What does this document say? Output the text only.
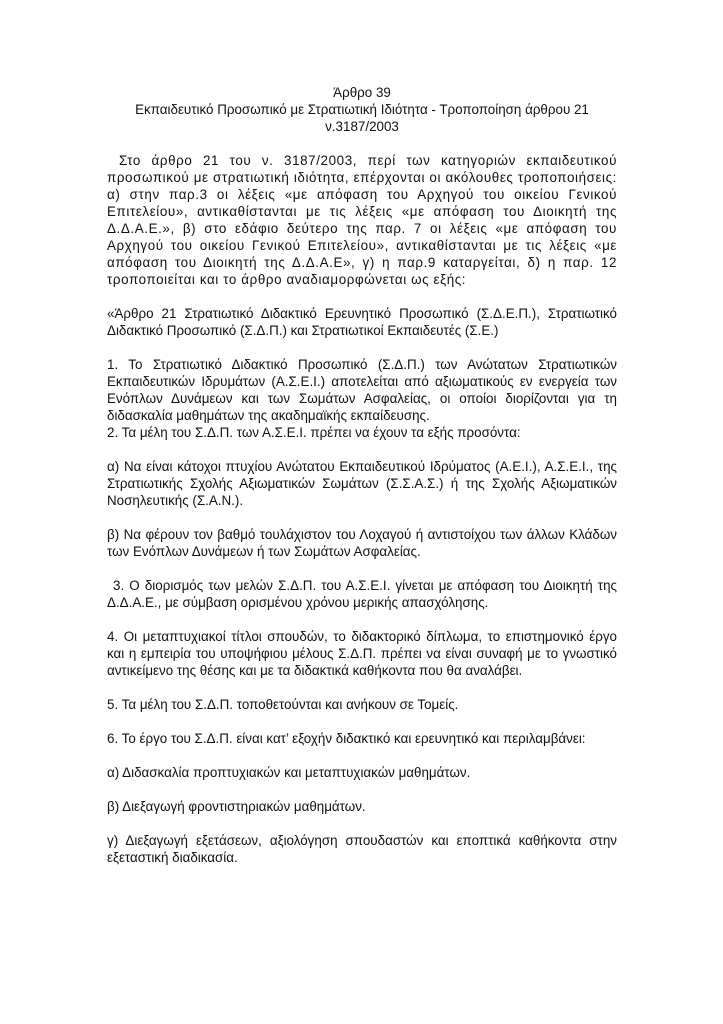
Άρθρο 39

Εκπαιδευτικό Προσωπικό με Στρατιωτική Ιδιότητα - Τροποποίηση άρθρου 21

ν.3187/2003

Στο άρθρο 21 του ν. 3187/2003, περί των κατηγοριών εκπαιδευτικού προσωπικού με στρατιωτική ιδιότητα, επέρχονται οι ακόλουθες τροποποιήσεις: α) στην παρ.3 οι λέξεις «με απόφαση του Αρχηγού του οικείου Γενικού Επιτελείου», αντικαθίστανται με τις λέξεις «με απόφαση του Διοικητή της Δ.Δ.Α.Ε.», β) στο εδάφιο δεύτερο της παρ. 7 οι λέξεις «με απόφαση του Αρχηγού του οικείου Γενικού Επιτελείου», αντικαθίστανται με τις λέξεις «με απόφαση του Διοικητή της Δ.Δ.Α.Ε», γ) η παρ.9 καταργείται, δ) η παρ. 12 τροποποιείται και το άρθρο αναδιαμορφώνεται ως εξής:

«Άρθρο 21 Στρατιωτικό Διδακτικό Ερευνητικό Προσωπικό (Σ.Δ.Ε.Π.), Στρατιωτικό Διδακτικό Προσωπικό (Σ.Δ.Π.) και Στρατιωτικοί Εκπαιδευτές (Σ.Ε.)

1. Το Στρατιωτικό Διδακτικό Προσωπικό (Σ.Δ.Π.) των Ανώτατων Στρατιωτικών Εκπαιδευτικών Ιδρυμάτων (Α.Σ.Ε.Ι.) αποτελείται από αξιωματικούς εν ενεργεία των Ενόπλων Δυνάμεων και των Σωμάτων Ασφαλείας, οι οποίοι διορίζονται για τη διδασκαλία μαθημάτων της ακαδημαϊκής εκπαίδευσης.

2. Τα μέλη του Σ.Δ.Π. των Α.Σ.Ε.Ι. πρέπει να έχουν τα εξής προσόντα:

α) Να είναι κάτοχοι πτυχίου Ανώτατου Εκπαιδευτικού Ιδρύματος (Α.Ε.Ι.), Α.Σ.Ε.Ι., της Στρατιωτικής Σχολής Αξιωματικών Σωμάτων (Σ.Σ.Α.Σ.) ή της Σχολής Αξιωματικών Νοσηλευτικής (Σ.Α.Ν.).

β) Να φέρουν τον βαθμό τουλάχιστον του Λοχαγού ή αντιστοίχου των άλλων Κλάδων των Ενόπλων Δυνάμεων ή των Σωμάτων Ασφαλείας.

3. Ο διορισμός των μελών Σ.Δ.Π. του Α.Σ.Ε.Ι. γίνεται με απόφαση του Διοικητή της Δ.Δ.Α.Ε., με σύμβαση ορισμένου χρόνου μερικής απασχόλησης.

4. Οι μεταπτυχιακοί τίτλοι σπουδών, το διδακτορικό δίπλωμα, το επιστημονικό έργο και η εμπειρία του υποψήφιου μέλους Σ.Δ.Π. πρέπει να είναι συναφή με το γνωστικό αντικείμενο της θέσης και με τα διδακτικά καθήκοντα που θα αναλάβει.

5. Τα μέλη του Σ.Δ.Π. τοποθετούνται και ανήκουν σε Τομείς.

6. Το έργο του Σ.Δ.Π. είναι κατ’ εξοχήν διδακτικό και ερευνητικό και περιλαμβάνει:

α) Διδασκαλία προπτυχιακών και μεταπτυχιακών μαθημάτων.

β) Διεξαγωγή φροντιστηριακών μαθημάτων.

γ) Διεξαγωγή εξετάσεων, αξιολόγηση σπουδαστών και εποπτικά καθήκοντα στην εξεταστική διαδικασία.
